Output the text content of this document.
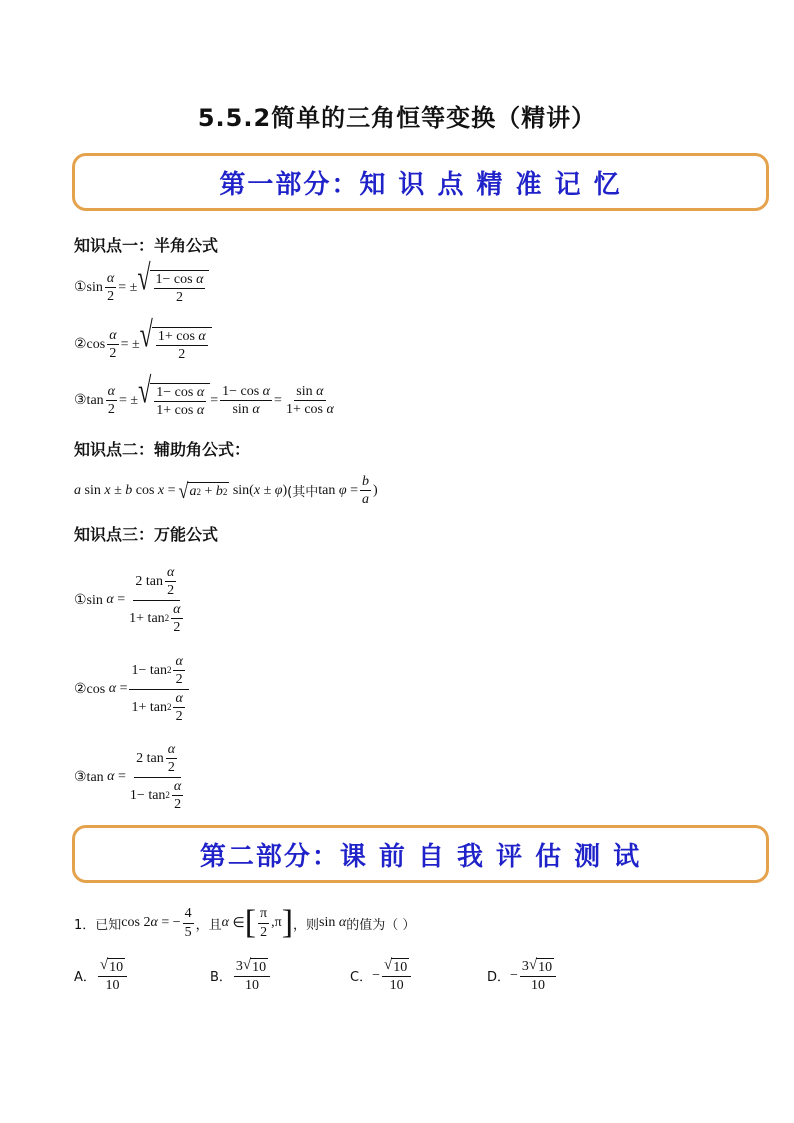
5.5.2简单的三角恒等变换（精讲）
第一部分：知 识 点 精 准 记 忆
知识点一：半角公式
①sin $\frac{\alpha}{2}$ = ± √ $\frac{\text{1− cos α}}{2}$
②cos $\frac{\alpha}{2}$ = ± √ $\frac{\text{1+ cos α}}{2}$
③tan $\frac{\alpha}{2}$ = ± √ $\frac{\text{1− cos α}}{\text{1+ cos α}} = \frac{\text{1− cos α}}{\text{sin α}} = \frac{\text{sin α}}{\text{1+ cos α}}$
知识点二：辅助角公式：
a sin x ± b cos x = √ a 2 + b 2 sin( x ± φ ) (其中 $\tan \varphi = \frac{b}{a}$ )
知识点三：万能公式
①sin $\alpha = \frac{2 \tan \frac{\alpha}{2}}{1+ \tan 2 \frac{\alpha}{2}}$
②cos $\alpha = \frac{1- \tan 2 \frac{\alpha}{2}}{1+ \tan 2 \frac{\alpha}{2}}$
③tan $\alpha = \frac{2 \tan \frac{\alpha}{2}}{1- \tan 2 \frac{\alpha}{2}}$
第二部分：课 前 自 我 评 估 测 试
1． 已知 cos 2 α = − $\frac{4}{5}$ ，且 α ∈ [ $\frac{\pi}{2} ,\pi$ ] ，则 sin α 的值为（ ）
A． $\frac{√ 10}{10}$	B． $\frac{3 √ 10}{10}$	C． − $\frac{√ 10}{10}$	D． − $\frac{3 √ 10}{10}$
